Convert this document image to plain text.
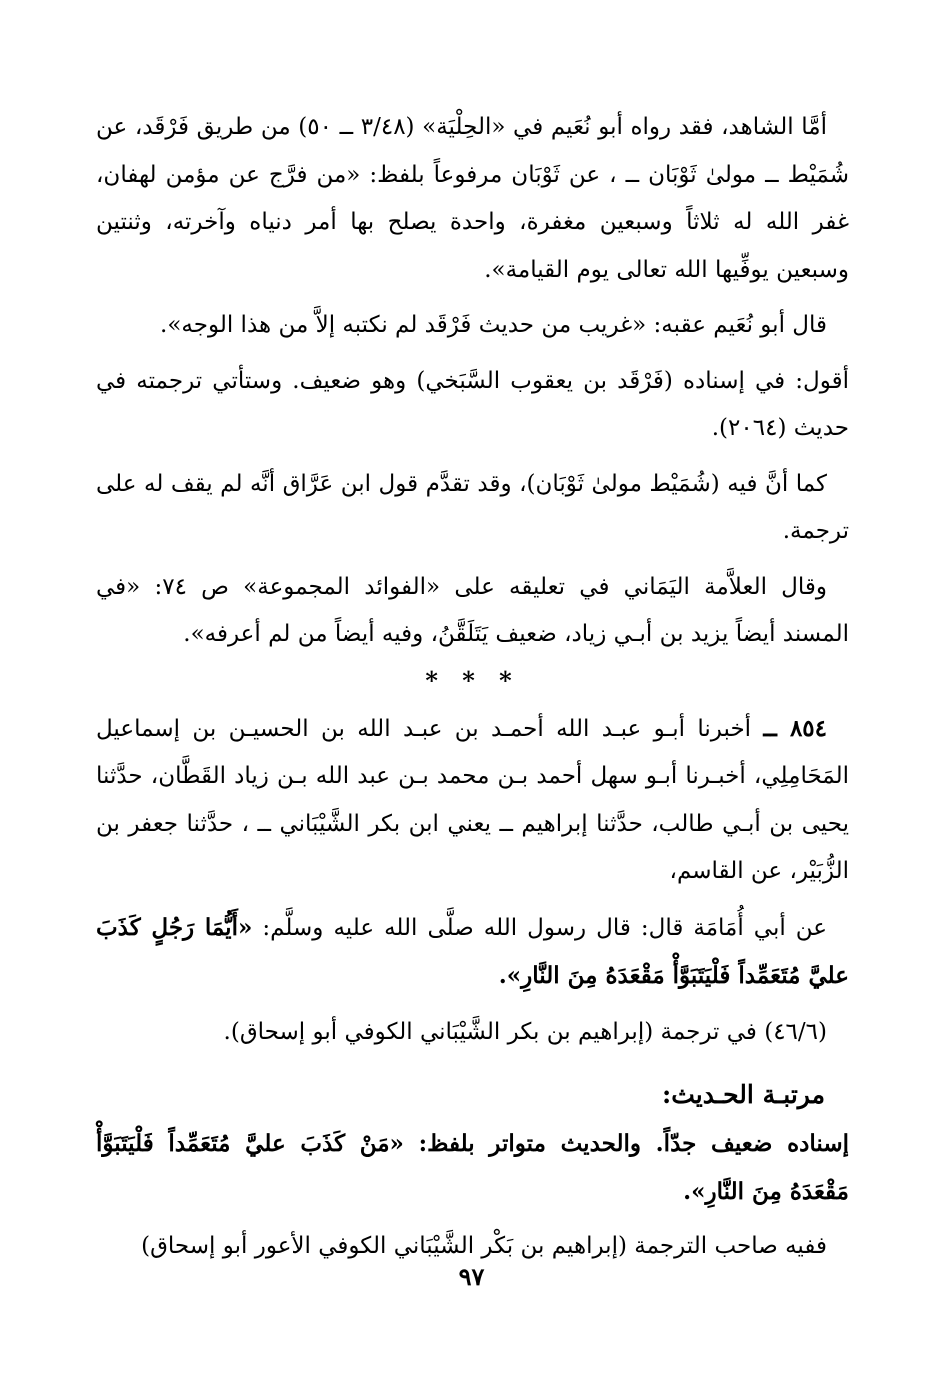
أمَّا الشاهد، فقد رواه أبو نُعَيم في «الحِلْيَة» (٣/٤٨ ــ ٥٠) من طريق فَرْقَد، عن شُمَيْط ــ مولىٰ ثَوْبَان ــ ، عن ثَوْبَان مرفوعاً بلفظ: «من فرَّج عن مؤمن لهفان، غفر الله له ثلاثاً وسبعين مغفرة، واحدة يصلح بها أمر دنياه وآخرته، وثنتين وسبعين يوفِّيها الله تعالى يوم القيامة».

قال أبو نُعَيم عقبه: «غريب من حديث فَرْقَد لم نكتبه إلاَّ من هذا الوجه».

أقول: في إسناده (فَرْقَد بن يعقوب السَّبَخي) وهو ضعيف. وستأتي ترجمته في حديث (٢٠٦٤).

كما أنَّ فيه (شُمَيْط مولىٰ ثَوْبَان)، وقد تقدَّم قول ابن عَرَّاق أنَّه لم يقف له على ترجمة.

وقال العلاَّمة اليَمَاني في تعليقه على «الفوائد المجموعة» ص ٧٤: «في المسند أيضاً يزيد بن أبـي زياد، ضعيف يَتَلَقَّنُ، وفيه أيضاً من لم أعرفه».

* * *

٨٥٤ ــ أخبرنا أبـو عبـد الله أحمـد بن عبـد الله بن الحسيـن بن إسماعيل المَحَامِلِي، أخبـرنا أبـو سهل أحمد بـن محمد بـن عبد الله بـن زياد القَطَّان، حدَّثنا يحيى بن أبـي طالب، حدَّثنا إبراهيم ــ يعني ابن بكر الشَّيْبَاني ــ ، حدَّثنا جعفر بن الزُّبَيْر، عن القاسم،

عن أبي أُمَامَة قال: قال رسول الله صلَّى الله عليه وسلَّم: «أَيُّمَا رَجُلٍ كَذَبَ عليَّ مُتَعَمِّداً فَلْيَتَبَوَّأْ مَقْعَدَهُ مِنَ النَّارِ».

(٤٦/٦) في ترجمة (إبراهيم بن بكر الشَّيْبَاني الكوفي أبو إسحاق).

مرتبـة الحـديث:

إسناده ضعيف جدّاً. والحديث متواتر بلفظ: «مَنْ كَذَبَ عليَّ مُتَعَمِّداً فَلْيَتَبَوَّأْ مَقْعَدَهُ مِنَ النَّارِ».

ففيه صاحب الترجمة (إبراهيم بن بَكْر الشَّيْبَاني الكوفي الأعور أبو إسحاق)

٩٧
